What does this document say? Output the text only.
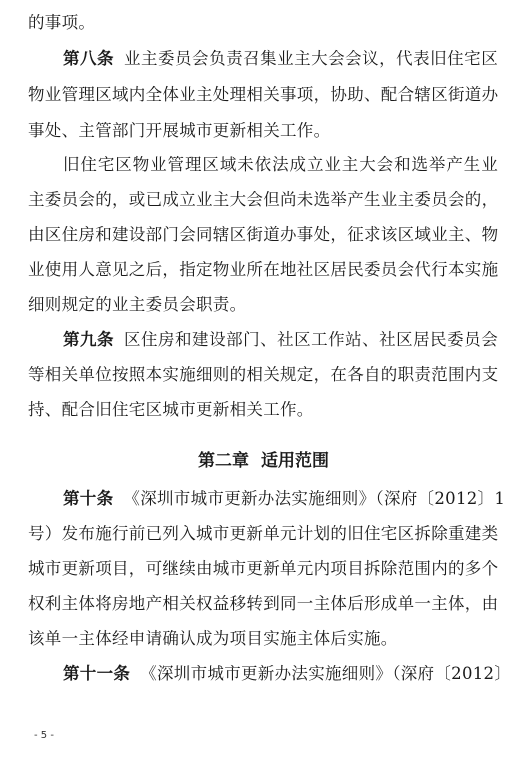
的事项。
第八条 业主委员会负责召集业主大会会议，代表旧住宅区
物业管理区域内全体业主处理相关事项，协助、配合辖区街道办
事处、主管部门开展城市更新相关工作。
旧住宅区物业管理区域未依法成立业主大会和选举产生业
主委员会的，或已成立业主大会但尚未选举产生业主委员会的，
由区住房和建设部门会同辖区街道办事处，征求该区域业主、物
业使用人意见之后，指定物业所在地社区居民委员会代行本实施
细则规定的业主委员会职责。
第九条 区住房和建设部门、社区工作站、社区居民委员会
等相关单位按照本实施细则的相关规定，在各自的职责范围内支
持、配合旧住宅区城市更新相关工作。
第十条 《深圳市城市更新办法实施细则》（深府〔2012〕1
号）发布施行前已列入城市更新单元计划的旧住宅区拆除重建类
城市更新项目，可继续由城市更新单元内项目拆除范围内的多个
权利主体将房地产相关权益移转到同一主体后形成单一主体，由
该单一主体经申请确认成为项目实施主体后实施。
第十一条 《深圳市城市更新办法实施细则》（深府〔2012〕
第二章 适用范围
- 5 -
